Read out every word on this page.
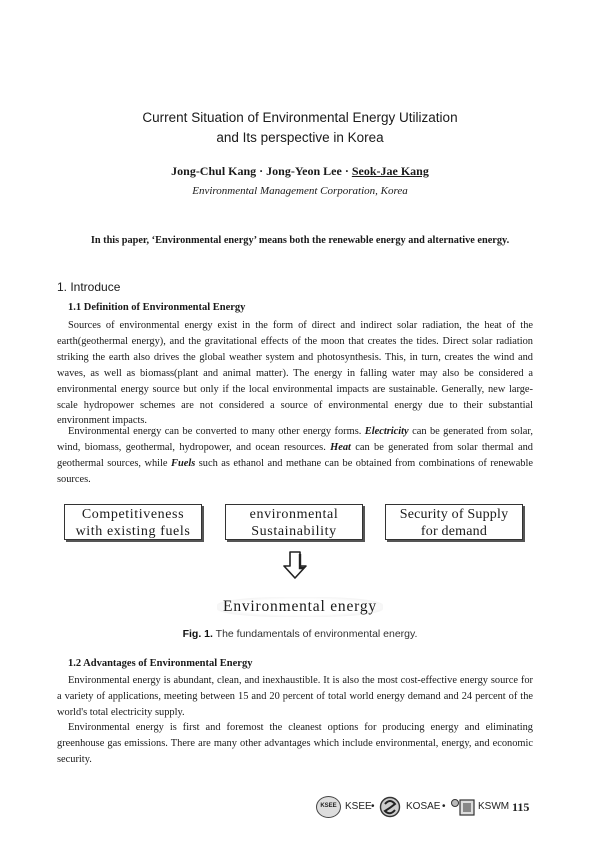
Current Situation of Environmental Energy Utilization
and Its perspective in Korea
Jong-Chul Kang · Jong-Yeon Lee · Seok-Jae Kang
Environmental Management Corporation, Korea
In this paper, ‘Environmental energy’ means both the renewable energy and alternative energy.
1. Introduce
1.1 Definition of Environmental Energy

Sources of environmental energy exist in the form of direct and indirect solar radiation, the heat of the earth(geothermal energy), and the gravitational effects of the moon that creates the tides. Direct solar radiation striking the earth also drives the global weather system and photosynthesis. This, in turn, creates the wind and waves, as well as biomass(plant and animal matter). The energy in falling water may also be considered a environmental energy source but only if the local environmental impacts are sustainable. Generally, new large-scale hydropower schemes are not considered a source of environmental energy due to their substantial environment impacts.

Environmental energy can be converted to many other energy forms. Electricity can be generated from solar, wind, biomass, geothermal, hydropower, and ocean resources. Heat can be generated from solar thermal and geothermal sources, while Fuels such as ethanol and methane can be obtained from combinations of renewable sources.

Competitiveness
with existing fuels
environmental
Sustainability
Security of Supply
for demand
Environmental energy
Fig. 1. The fundamentals of environmental energy.
1.2 Advantages of Environmental Energy

Environmental energy is abundant, clean, and inexhaustible. It is also the most cost-effective energy source for a variety of applications, meeting between 15 and 20 percent of total world energy demand and 24 percent of the world's total electricity supply.

Environmental energy is first and foremost the cleanest options for producing energy and eliminating greenhouse gas emissions. There are many other advantages which include environmental, energy, and economic security.

KSEE KSEE •	KOSAE •	KSWM 115
